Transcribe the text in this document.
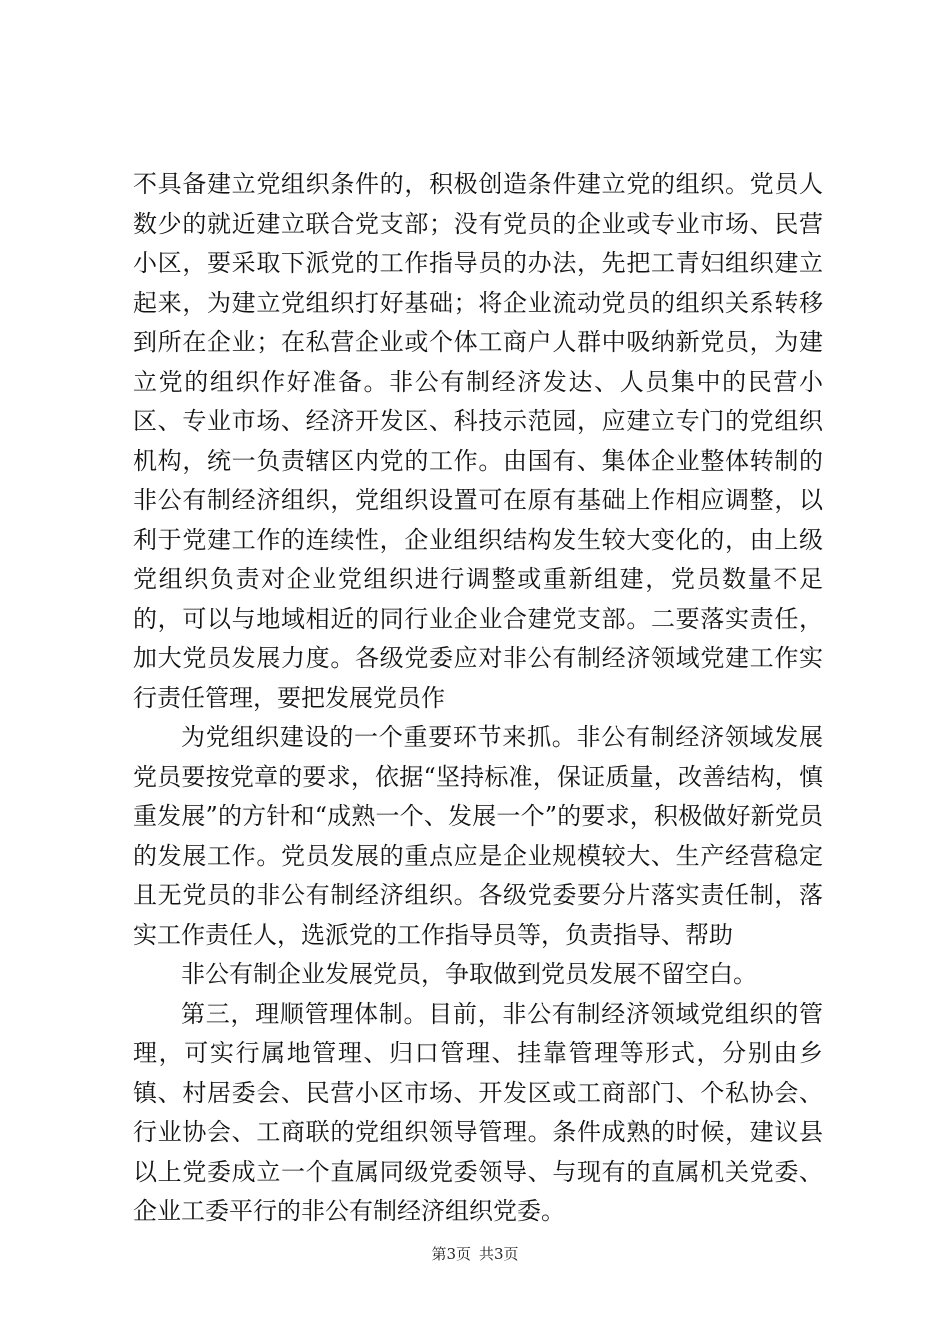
不具备建立党组织条件的，积极创造条件建立党的组织。党员人数少的就近建立联合党支部；没有党员的企业或专业市场、民营小区，要采取下派党的工作指导员的办法，先把工青妇组织建立起来，为建立党组织打好基础；将企业流动党员的组织关系转移到所在企业；在私营企业或个体工商户人群中吸纳新党员，为建立党的组织作好准备。非公有制经济发达、人员集中的民营小区、专业市场、经济开发区、科技示范园，应建立专门的党组织机构，统一负责辖区内党的工作。由国有、集体企业整体转制的非公有制经济组织，党组织设置可在原有基础上作相应调整，以利于党建工作的连续性，企业组织结构发生较大变化的，由上级党组织负责对企业党组织进行调整或重新组建，党员数量不足的，可以与地域相近的同行业企业合建党支部。二要落实责任，加大党员发展力度。各级党委应对非公有制经济领域党建工作实行责任管理，要把发展党员作

为党组织建设的一个重要环节来抓。非公有制经济领域发展党员要按党章的要求，依据“坚持标准，保证质量，改善结构，慎重发展”的方针和“成熟一个、发展一个”的要求，积极做好新党员的发展工作。党员发展的重点应是企业规模较大、生产经营稳定且无党员的非公有制经济组织。各级党委要分片落实责任制，落实工作责任人，选派党的工作指导员等，负责指导、帮助

非公有制企业发展党员，争取做到党员发展不留空白。

第三，理顺管理体制。目前，非公有制经济领域党组织的管理，可实行属地管理、归口管理、挂靠管理等形式，分别由乡镇、村居委会、民营小区市场、开发区或工商部门、个私协会、行业协会、工商联的党组织领导管理。条件成熟的时候，建议县以上党委成立一个直属同级党委领导、与现有的直属机关党委、企业工委平行的非公有制经济组织党委。

第3页 共3页
